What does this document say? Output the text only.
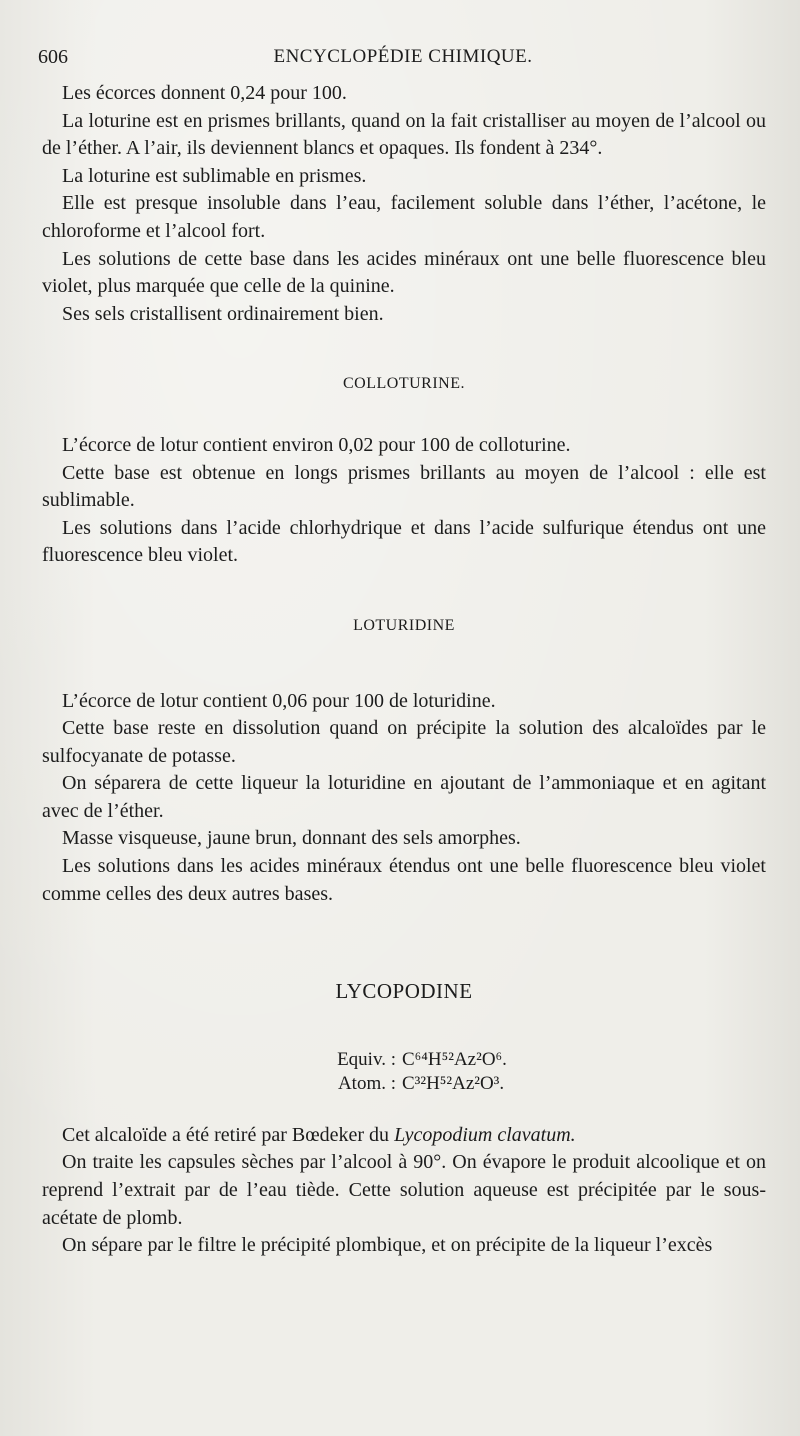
606	ENCYCLOPÉDIE CHIMIQUE.

Les écorces donnent 0,24 pour 100.

La loturine est en prismes brillants, quand on la fait cristalliser au moyen de l’alcool ou de l’éther. A l’air, ils deviennent blancs et opaques. Ils fondent à 234°.

La loturine est sublimable en prismes.

Elle est presque insoluble dans l’eau, facilement soluble dans l’éther, l’acétone, le chloroforme et l’alcool fort.

Les solutions de cette base dans les acides minéraux ont une belle fluorescence bleu violet, plus marquée que celle de la quinine.

Ses sels cristallisent ordinairement bien.

COLLOTURINE.

L’écorce de lotur contient environ 0,02 pour 100 de colloturine.

Cette base est obtenue en longs prismes brillants au moyen de l’alcool : elle est sublimable.

Les solutions dans l’acide chlorhydrique et dans l’acide sulfurique étendus ont une fluorescence bleu violet.

LOTURIDINE

L’écorce de lotur contient 0,06 pour 100 de loturidine.

Cette base reste en dissolution quand on précipite la solution des alcaloïdes par le sulfocyanate de potasse.

On séparera de cette liqueur la loturidine en ajoutant de l’ammoniaque et en agitant avec de l’éther.

Masse visqueuse, jaune brun, donnant des sels amorphes.

Les solutions dans les acides minéraux étendus ont une belle fluorescence bleu violet comme celles des deux autres bases.

LYCOPODINE

Equiv. : C⁶⁴H⁵²Az²O⁶.
Atom. : C³²H⁵²Az²O³.

Cet alcaloïde a été retiré par Bœdeker du Lycopodium clavatum.

On traite les capsules sèches par l’alcool à 90°. On évapore le produit alcoolique et on reprend l’extrait par de l’eau tiède. Cette solution aqueuse est précipitée par le sous-acétate de plomb.

On sépare par le filtre le précipité plombique, et on précipite de la liqueur l’excès
